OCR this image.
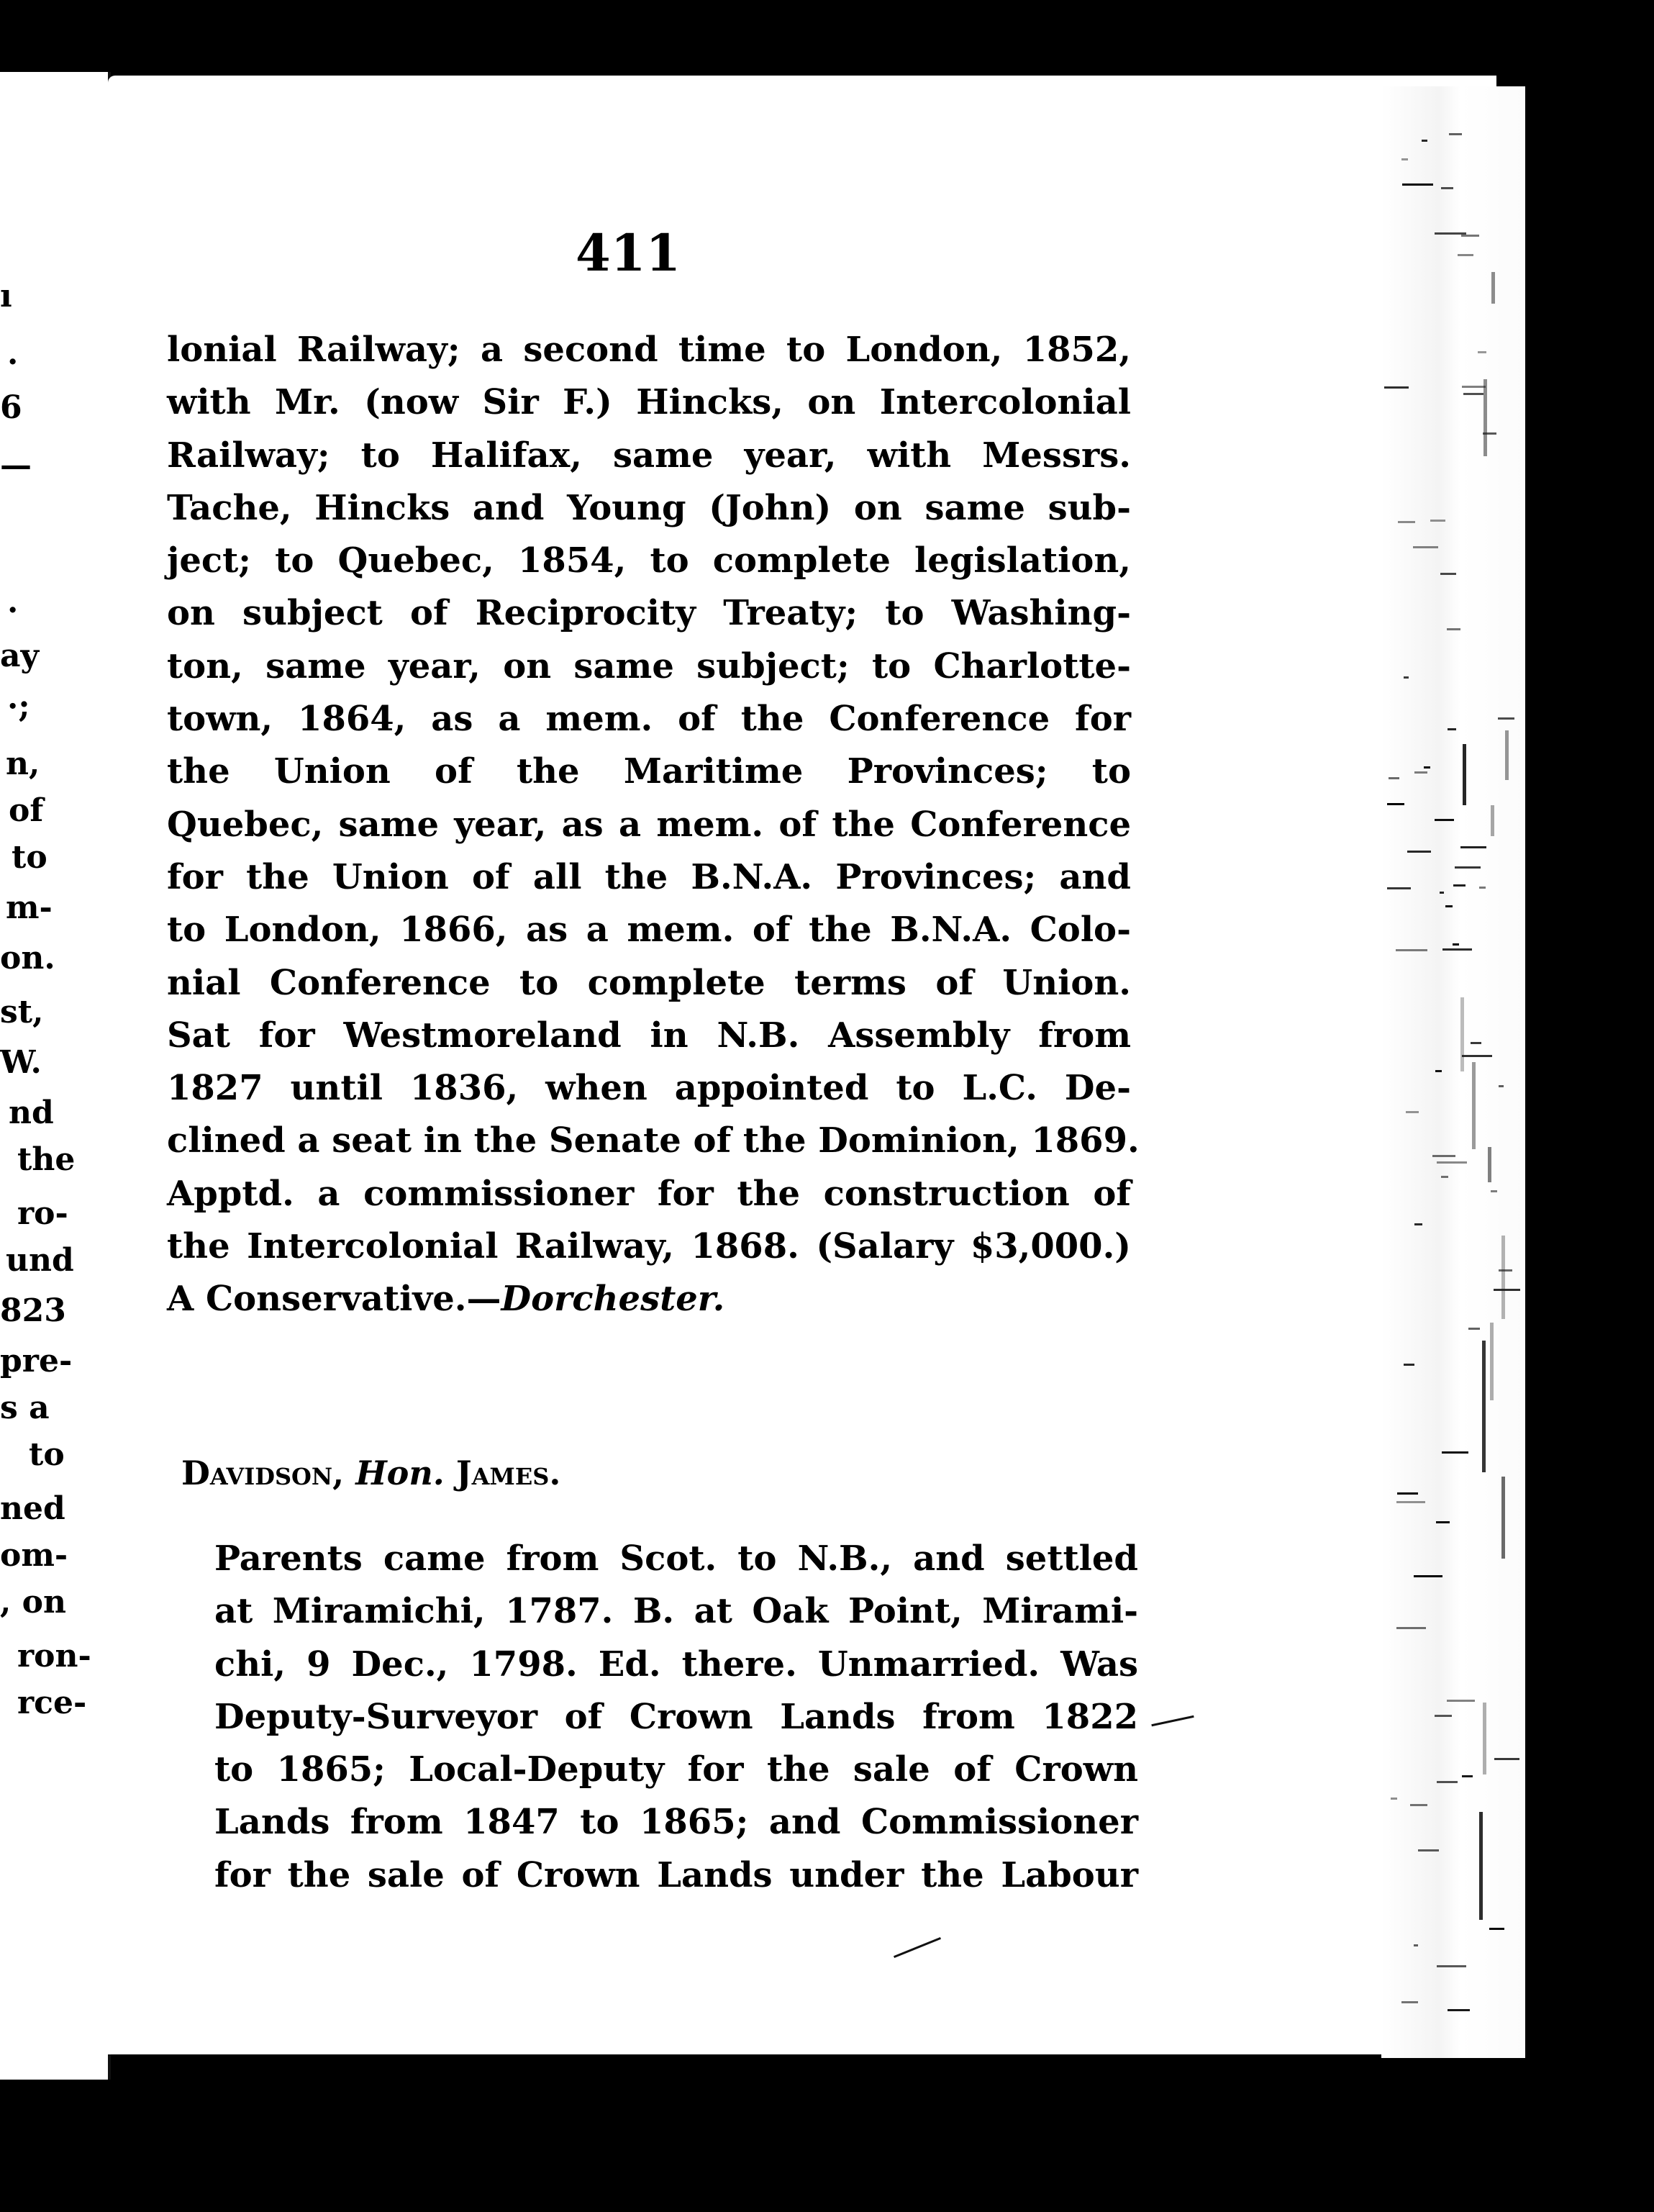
ı
.
6
—
.
ay
·;
n,
of
to
m-
on.
st,
W.
nd
the
ro-
und
823
pre-
s a
to
ned
om-
, on
ron-
rce-
411
lonial Railway; a second time to London, 1852,
with Mr. (now Sir F.) Hincks, on Intercolonial
Railway; to Halifax, same year, with Messrs.
Tache, Hincks and Young (John) on same sub-
ject; to Quebec, 1854, to complete legislation,
on subject of Reciprocity Treaty; to Washing-
ton, same year, on same subject; to Charlotte-
town, 1864, as a mem. of the Conference for
the Union of the Maritime Provinces; to
Quebec, same year, as a mem. of the Conference
for the Union of all the B.N.A. Provinces; and
to London, 1866, as a mem. of the B.N.A. Colo-
nial Conference to complete terms of Union.
Sat for Westmoreland in N.B. Assembly from
1827 until 1836, when appointed to L.C. De-
clined a seat in the Senate of the Dominion, 1869.
Apptd. a commissioner for the construction of
the Intercolonial Railway, 1868. (Salary $3,000.)
A Conservative.—Dorchester.
Davidson, Hon. James.
Parents came from Scot. to N.B., and settled
at Miramichi, 1787. B. at Oak Point, Mirami-
chi, 9 Dec., 1798. Ed. there. Unmarried. Was
Deputy-Surveyor of Crown Lands from 1822
to 1865; Local-Deputy for the sale of Crown
Lands from 1847 to 1865; and Commissioner
for the sale of Crown Lands under the Labour
